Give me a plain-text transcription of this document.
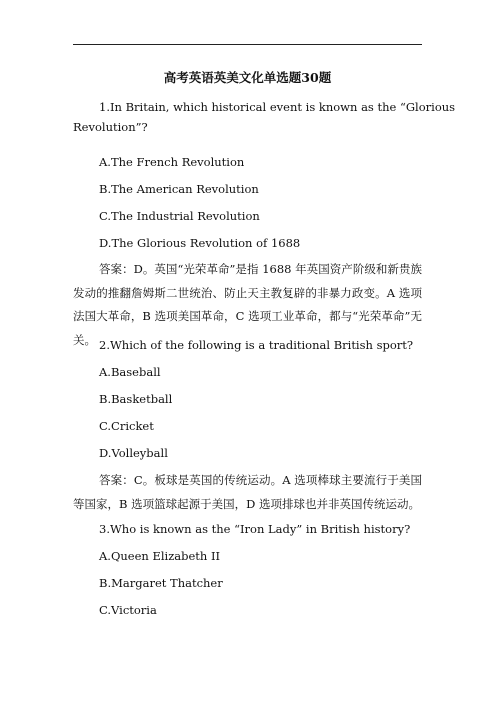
高考英语英美文化单选题30题
1.In Britain, which historical event is known as the “Glorious
Revolution”?
A.The French Revolution
B.The American Revolution
C.The Industrial Revolution
D.The Glorious Revolution of 1688
答案：D。英国“光荣革命”是指 1688 年英国资产阶级和新贵族发动的推翻詹姆斯二世统治、防止天主教复辟的非暴力政变。A 选项法国大革命，B 选项美国革命，C 选项工业革命，都与“光荣革命”无关。 2.Which of the following is a traditional British sport?
A.Baseball
B.Basketball
C.Cricket
D.Volleyball
答案：C。板球是英国的传统运动。A 选项棒球主要流行于美国等国家，B 选项篮球起源于美国，D 选项排球也并非英国传统运动。
3.Who is known as the “Iron Lady” in British history?
A.Queen Elizabeth II
B.Margaret Thatcher
C.Victoria
